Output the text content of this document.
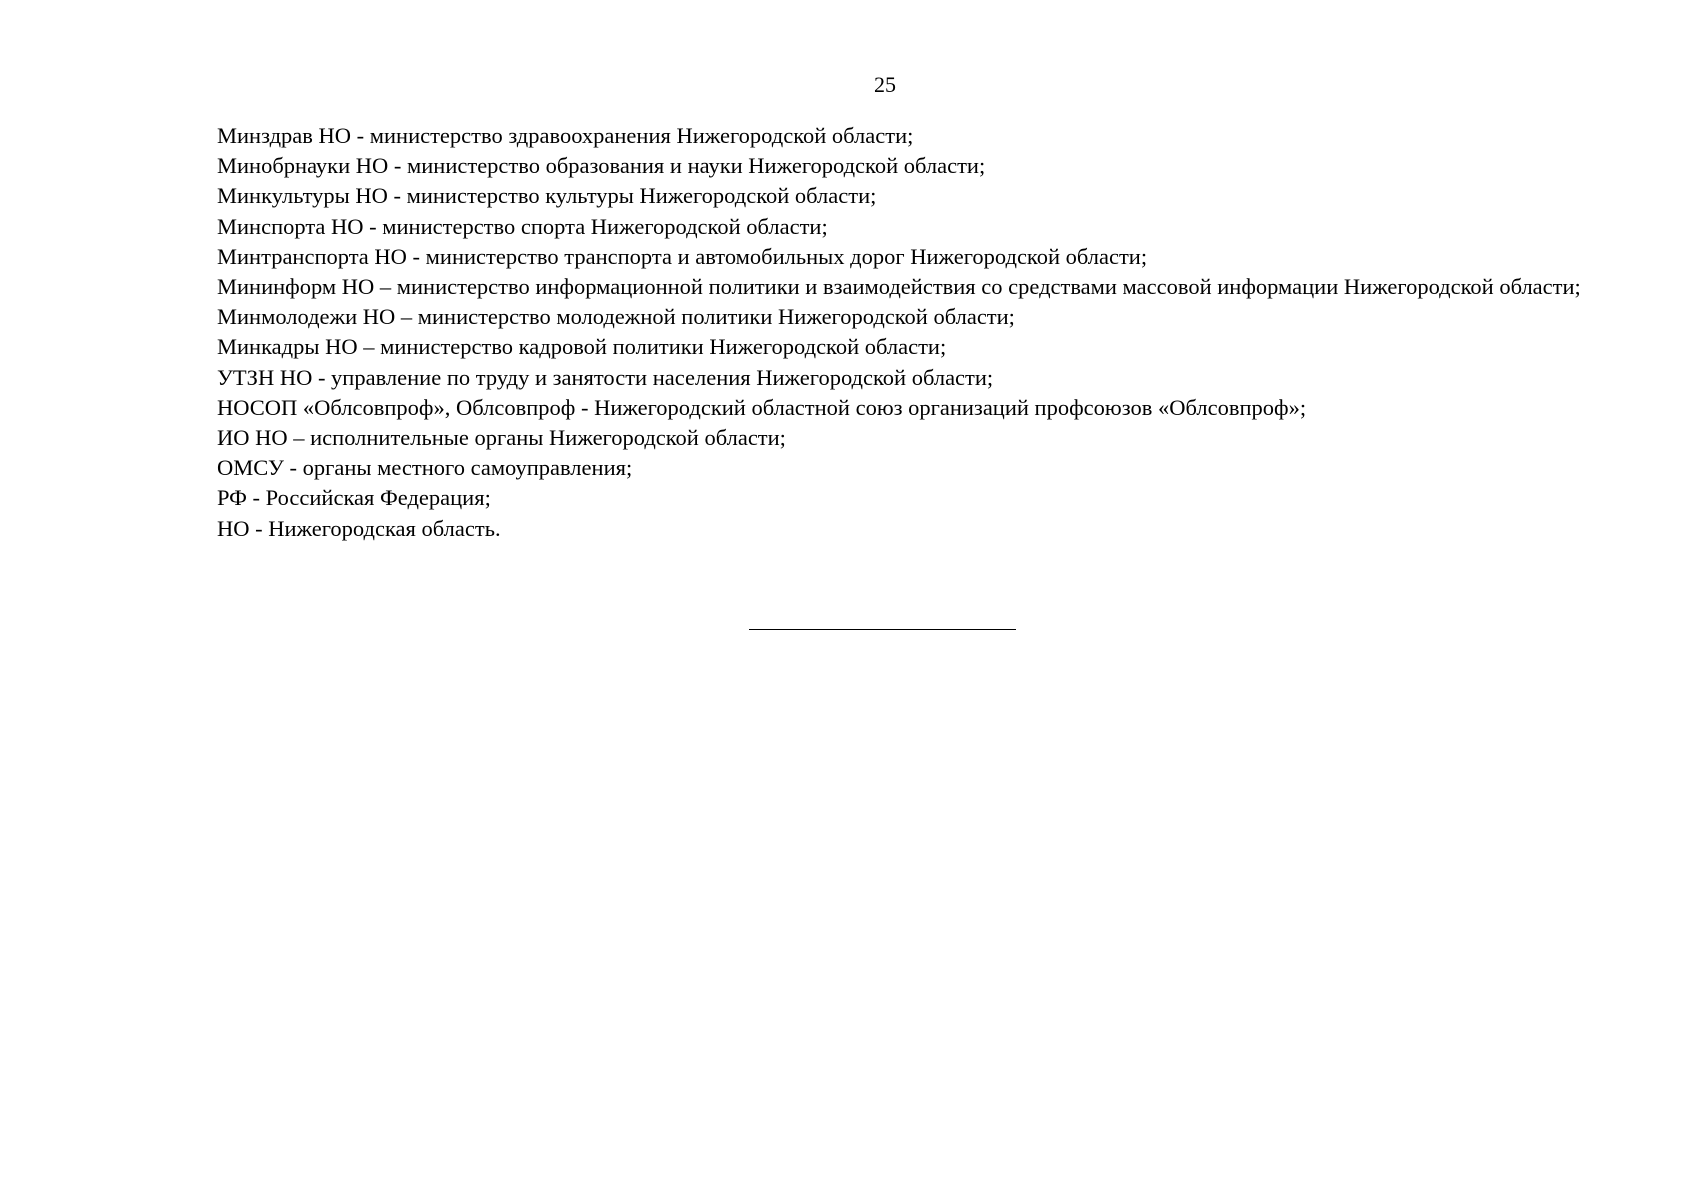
25
Минздрав НО - министерство здравоохранения Нижегородской области;
Минобрнауки НО - министерство образования и науки Нижегородской области;
Минкультуры НО - министерство культуры Нижегородской области;
Минспорта НО - министерство спорта Нижегородской области;
Минтранспорта НО - министерство транспорта и автомобильных дорог Нижегородской области;
Мининформ НО – министерство информационной политики и взаимодействия со средствами массовой информации Нижегородской области;
Минмолодежи НО – министерство молодежной политики Нижегородской области;
Минкадры НО – министерство кадровой политики Нижегородской области;
УТЗН НО - управление по труду и занятости населения Нижегородской области;
НОСОП «Облсовпроф», Облсовпроф - Нижегородский областной союз организаций профсоюзов «Облсовпроф»;
ИО НО – исполнительные органы Нижегородской области;
ОМСУ - органы местного самоуправления;
РФ - Российская Федерация;
НО - Нижегородская область.
